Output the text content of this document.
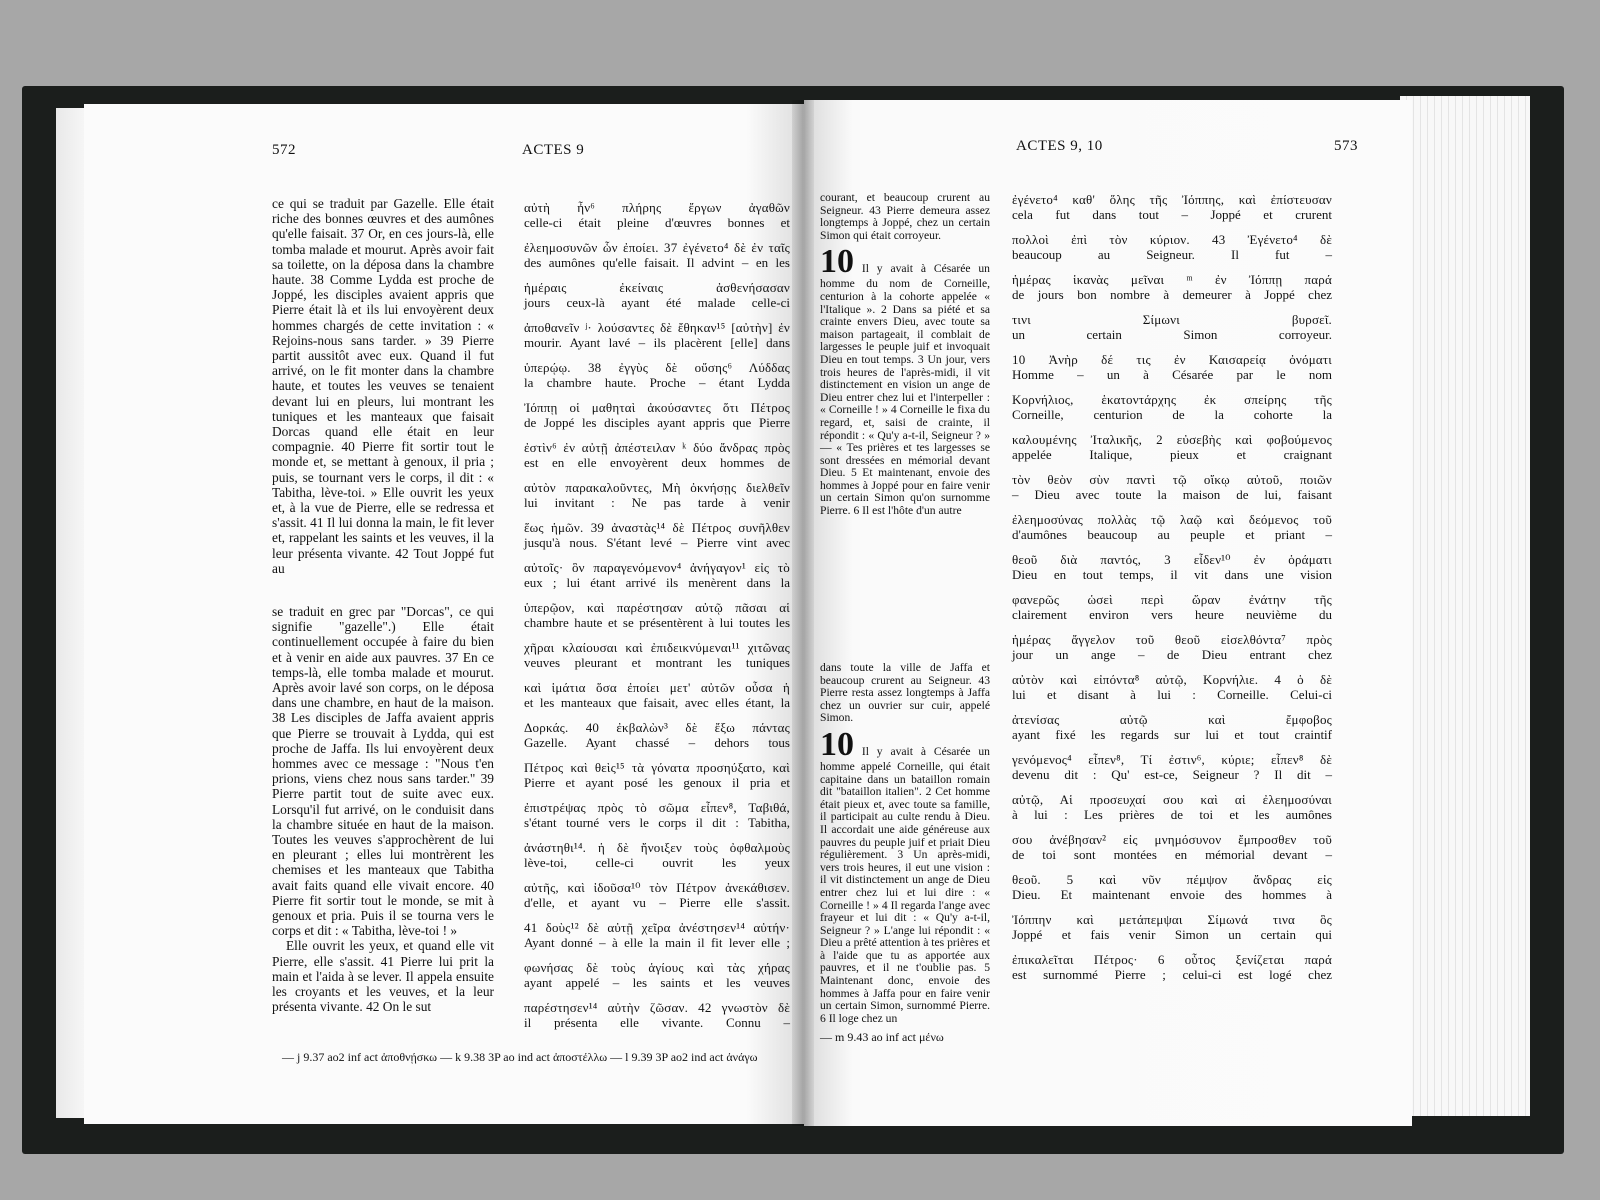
572	ACTES 9

ce qui se traduit par Gazelle. Elle était riche des bonnes œuvres et des aumônes qu'elle faisait. 37 Or, en ces jours-là, elle tomba malade et mourut. Après avoir fait sa toilette, on la déposa dans la chambre haute. 38 Comme Lydda est proche de Joppé, les disciples avaient appris que Pierre était là et ils lui envoyèrent deux hommes chargés de cette invitation : « Rejoins-nous sans tarder. » 39 Pierre partit aussitôt avec eux. Quand il fut arrivé, on le fit monter dans la chambre haute, et toutes les veuves se tenaient devant lui en pleurs, lui montrant les tuniques et les manteaux que faisait Dorcas quand elle était en leur compagnie. 40 Pierre fit sortir tout le monde et, se mettant à genoux, il pria ; puis, se tournant vers le corps, il dit : « Tabitha, lève-toi. » Elle ouvrit les yeux et, à la vue de Pierre, elle se redressa et s'assit. 41 Il lui donna la main, le fit lever et, rappelant les saints et les veuves, il la leur présenta vivante. 42 Tout Joppé fut au

se traduit en grec par "Dorcas", ce qui signifie "gazelle".) Elle était continuellement occupée à faire du bien et à venir en aide aux pauvres. 37 En ce temps-là, elle tomba malade et mourut. Après avoir lavé son corps, on le déposa dans une chambre, en haut de la maison. 38 Les disciples de Jaffa avaient appris que Pierre se trouvait à Lydda, qui est proche de Jaffa. Ils lui envoyèrent deux hommes avec ce message : "Nous t'en prions, viens chez nous sans tarder." 39 Pierre partit tout de suite avec eux. Lorsqu'il fut arrivé, on le conduisit dans la chambre située en haut de la maison. Toutes les veuves s'approchèrent de lui en pleurant ; elles lui montrèrent les chemises et les manteaux que Tabitha avait faits quand elle vivait encore. 40 Pierre fit sortir tout le monde, se mit à genoux et pria. Puis il se tourna vers le corps et dit : « Tabitha, lève-toi ! »

Elle ouvrit les yeux, et quand elle vit Pierre, elle s'assit. 41 Pierre lui prit la main et l'aida à se lever. Il appela ensuite les croyants et les veuves, et la leur présenta vivante. 42 On le sut

αὐτὴ ἦν⁶ πλήρης ἔργων ἀγαθῶν
celle-ci était pleine d'œuvres bonnes et
ἐλεημοσυνῶν ὧν ἐποίει. 37 ἐγένετο⁴ δὲ ἐν ταῖς
des aumônes qu'elle faisait. Il advint – en les
ἡμέραις ἐκείναις ἀσθενήσασαν
jours ceux-là ayant été malade celle-ci
ἀποθανεῖν ʲ· λούσαντες δὲ ἔθηκαν¹⁵ [αὐτὴν] ἐν
mourir. Ayant lavé – ils placèrent [elle] dans
ὑπερῴῳ. 38 ἐγγὺς δὲ οὔσης⁶ Λύδδας
la chambre haute. Proche – étant Lydda
Ἰόππῃ οἱ μαθηταὶ ἀκούσαντες ὅτι Πέτρος
de Joppé les disciples ayant appris que Pierre
ἐστὶν⁶ ἐν αὐτῇ ἀπέστειλαν ᵏ δύο ἄνδρας πρὸς
est en elle envoyèrent deux hommes de
αὐτὸν παρακαλοῦντες, Μὴ ὀκνήσῃς διελθεῖν
lui invitant : Ne pas tarde à venir
ἕως ἡμῶν. 39 ἀναστὰς¹⁴ δὲ Πέτρος συνῆλθεν
jusqu'à nous. S'étant levé – Pierre vint avec
αὐτοῖς· ὃν παραγενόμενον⁴ ἀνήγαγον¹ εἰς τὸ
eux ; lui étant arrivé ils menèrent dans la
ὑπερῷον, καὶ παρέστησαν αὐτῷ πᾶσαι αἱ
chambre haute et se présentèrent à lui toutes les
χῆραι κλαίουσαι καὶ ἐπιδεικνύμεναι¹¹ χιτῶνας
veuves pleurant et montrant les tuniques
καὶ ἱμάτια ὅσα ἐποίει μετ' αὐτῶν οὖσα ἡ
et les manteaux que faisait, avec elles étant, la
Δορκάς. 40 ἐκβαλὼν³ δὲ ἔξω πάντας
Gazelle. Ayant chassé – dehors tous
Πέτρος καὶ θεὶς¹⁵ τὰ γόνατα προσηύξατο, καὶ
Pierre et ayant posé les genoux il pria et
ἐπιστρέψας πρὸς τὸ σῶμα εἶπεν⁸, Ταβιθά,
s'étant tourné vers le corps il dit : Tabitha,
ἀνάστηθι¹⁴. ἡ δὲ ἤνοιξεν τοὺς ὀφθαλμοὺς
lève-toi, celle-ci ouvrit les yeux
αὐτῆς, καὶ ἰδοῦσα¹⁰ τὸν Πέτρον ἀνεκάθισεν.
d'elle, et ayant vu – Pierre elle s'assit.
41 δοὺς¹² δὲ αὐτῇ χεῖρα ἀνέστησεν¹⁴ αὐτήν·
Ayant donné – à elle la main il fit lever elle ;
φωνήσας δὲ τοὺς ἁγίους καὶ τὰς χήρας
ayant appelé – les saints et les veuves
παρέστησεν¹⁴ αὐτὴν ζῶσαν. 42 γνωστὸν δὲ
il présenta elle vivante. Connu –
— j 9.37 ao2 inf act ἀποθνῄσκω — k 9.38 3P ao ind act ἀποστέλλω — l 9.39 3P ao2 ind act ἀνάγω
ACTES 9, 10	573

courant, et beaucoup crurent au Seigneur. 43 Pierre demeura assez longtemps à Joppé, chez un certain Simon qui était corroyeur.

10 Il y avait à Césarée un homme du nom de Corneille, centurion à la cohorte appelée « l'Italique ». 2 Dans sa piété et sa crainte envers Dieu, avec toute sa maison partageait, il comblait de largesses le peuple juif et invoquait Dieu en tout temps. 3 Un jour, vers trois heures de l'après-midi, il vit distinctement en vision un ange de Dieu entrer chez lui et l'interpeller : « Corneille ! » 4 Corneille le fixa du regard, et, saisi de crainte, il répondit : « Qu'y a-t-il, Seigneur ? » — « Tes prières et tes largesses se sont dressées en mémorial devant Dieu. 5 Et maintenant, envoie des hommes à Joppé pour en faire venir un certain Simon qu'on surnomme Pierre. 6 Il est l'hôte d'un autre

dans toute la ville de Jaffa et beaucoup crurent au Seigneur. 43 Pierre resta assez longtemps à Jaffa chez un ouvrier sur cuir, appelé Simon.

10 Il y avait à Césarée un homme appelé Corneille, qui était capitaine dans un bataillon romain dit "bataillon italien". 2 Cet homme était pieux et, avec toute sa famille, il participait au culte rendu à Dieu. Il accordait une aide généreuse aux pauvres du peuple juif et priait Dieu régulièrement. 3 Un après-midi, vers trois heures, il eut une vision : il vit distinctement un ange de Dieu entrer chez lui et lui dire : « Corneille ! » 4 Il regarda l'ange avec frayeur et lui dit : « Qu'y a-t-il, Seigneur ? » L'ange lui répondit : « Dieu a prêté attention à tes prières et à l'aide que tu as apportée aux pauvres, et il ne t'oublie pas. 5 Maintenant donc, envoie des hommes à Jaffa pour en faire venir un certain Simon, surnommé Pierre. 6 Il loge chez un

ἐγένετο⁴ καθ' ὅλης τῆς Ἰόππης, καὶ ἐπίστευσαν
cela fut dans tout – Joppé et crurent
πολλοὶ ἐπὶ τὸν κύριον. 43 Ἐγένετο⁴ δὲ
beaucoup au Seigneur. Il fut –
ἡμέρας ἱκανὰς μεῖναι ᵐ ἐν Ἰόππῃ παρά
de jours bon nombre à demeurer à Joppé chez
τινι Σίμωνι βυρσεῖ.
un certain Simon corroyeur.
10 Ἀνὴρ δέ τις ἐν Καισαρείᾳ ὀνόματι
Homme – un à Césarée par le nom
Κορνήλιος, ἑκατοντάρχης ἐκ σπείρης τῆς
Corneille, centurion de la cohorte la
καλουμένης Ἰταλικῆς, 2 εὐσεβὴς καὶ φοβούμενος
appelée Italique, pieux et craignant
τὸν θεὸν σὺν παντὶ τῷ οἴκῳ αὐτοῦ, ποιῶν
– Dieu avec toute la maison de lui, faisant
ἐλεημοσύνας πολλὰς τῷ λαῷ καὶ δεόμενος τοῦ
d'aumônes beaucoup au peuple et priant –
θεοῦ διὰ παντός, 3 εἶδεν¹⁰ ἐν ὁράματι
Dieu en tout temps, il vit dans une vision
φανερῶς ὡσεὶ περὶ ὥραν ἐνάτην τῆς
clairement environ vers heure neuvième du
ἡμέρας ἄγγελον τοῦ θεοῦ εἰσελθόντα⁷ πρὸς
jour un ange – de Dieu entrant chez
αὐτὸν καὶ εἰπόντα⁸ αὐτῷ, Κορνήλιε. 4 ὁ δὲ
lui et disant à lui : Corneille. Celui-ci
ἀτενίσας αὐτῷ καὶ ἔμφοβος
ayant fixé les regards sur lui et tout craintif
γενόμενος⁴ εἶπεν⁸, Τί ἐστιν⁶, κύριε; εἶπεν⁸ δὲ
devenu dit : Qu' est-ce, Seigneur ? Il dit –
αὐτῷ, Αἱ προσευχαί σου καὶ αἱ ἐλεημοσύναι
à lui : Les prières de toi et les aumônes
σου ἀνέβησαν² εἰς μνημόσυνον ἔμπροσθεν τοῦ
de toi sont montées en mémorial devant –
θεοῦ. 5 καὶ νῦν πέμψον ἄνδρας εἰς
Dieu. Et maintenant envoie des hommes à
Ἰόππην καὶ μετάπεμψαι Σίμωνά τινα ὃς
Joppé et fais venir Simon un certain qui
ἐπικαλεῖται Πέτρος· 6 οὗτος ξενίζεται παρά
est surnommé Pierre ; celui-ci est logé chez
— m 9.43 ao inf act μένω
